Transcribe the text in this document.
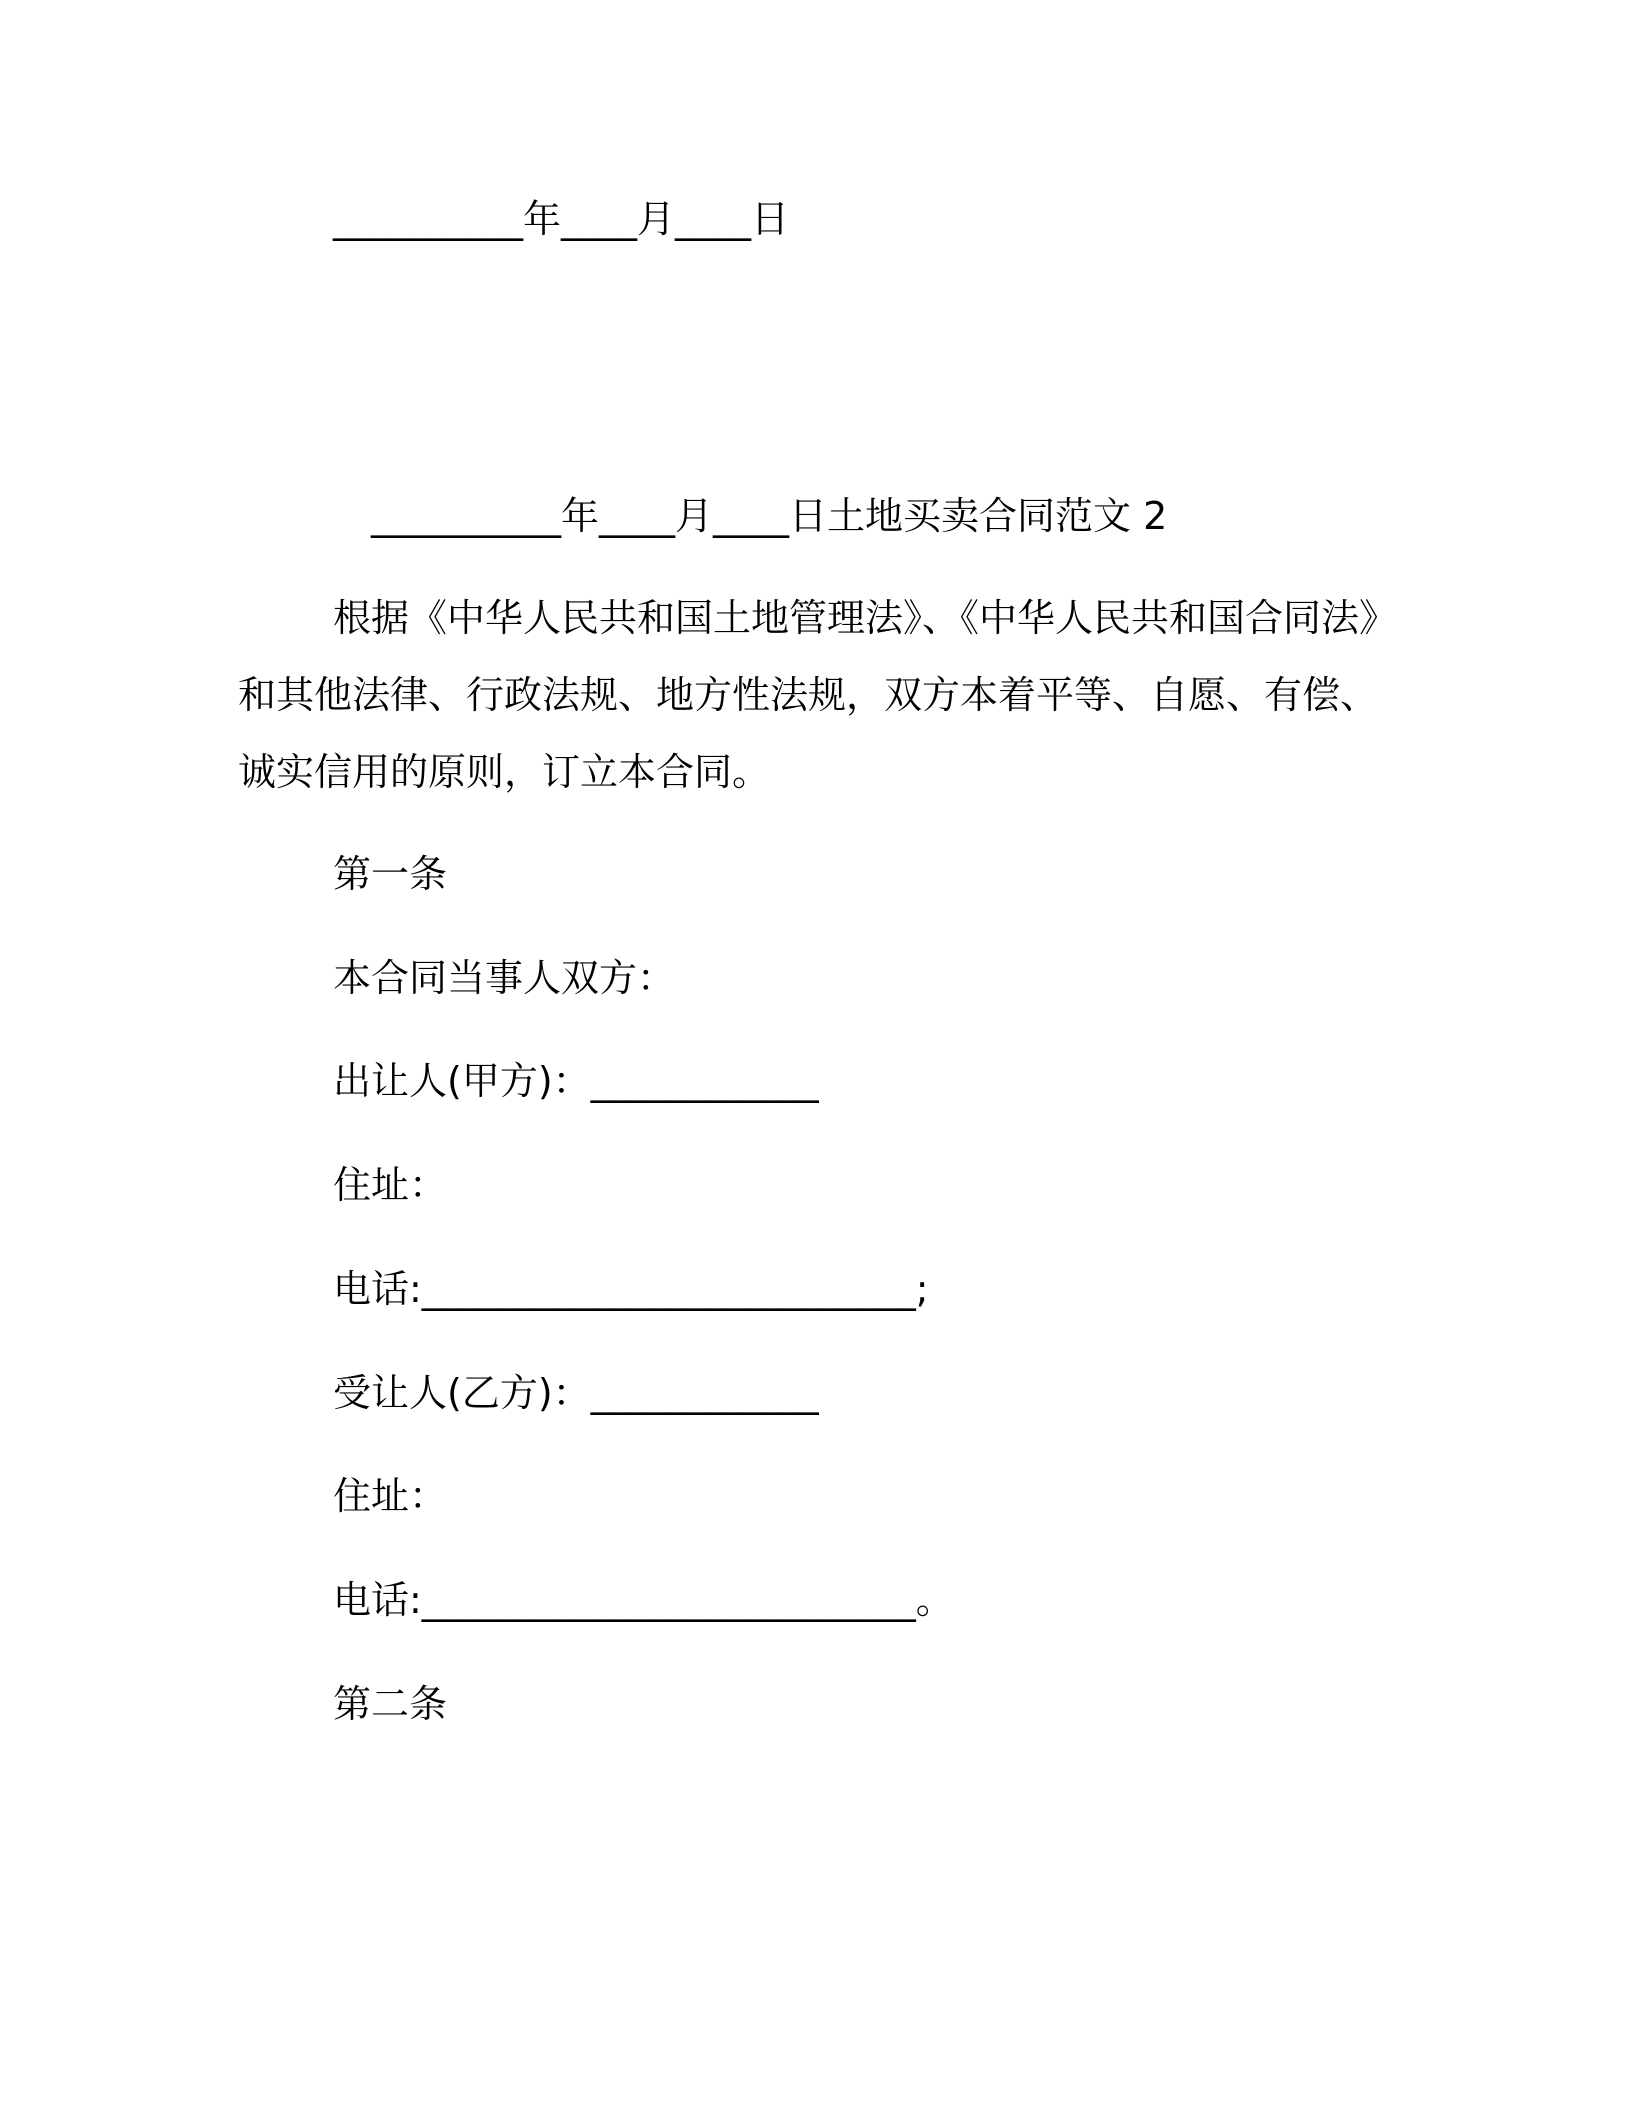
__________年____月____日

__________年____月____日土地买卖合同范文 2

根据《中华人民共和国土地管理法》、《中华人民共和国合同法》和其他法律、行政法规、地方性法规，双方本着平等、自愿、有偿、诚实信用的原则，订立本合同。

第一条

本合同当事人双方：

出让人(甲方)：____________

住址：

电话:__________________________;

受让人(乙方)：____________

住址：

电话:__________________________。

第二条
